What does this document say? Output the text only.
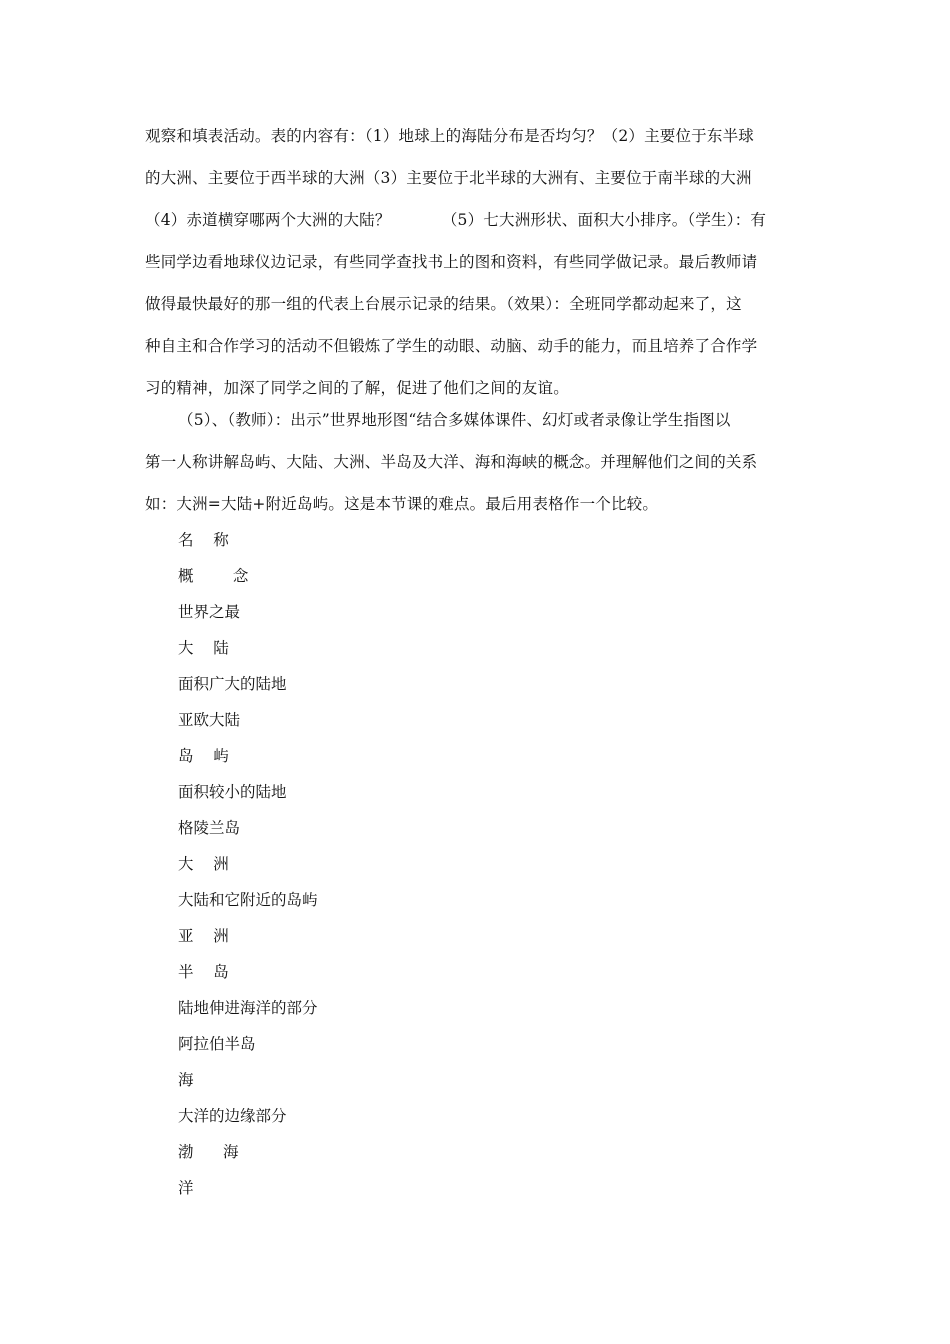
观察和填表活动。表的内容有：（1）地球上的海陆分布是否均匀？（2）主要位于东半球
的大洲、主要位于西半球的大洲（3）主要位于北半球的大洲有、主要位于南半球的大洲
（4）赤道横穿哪两个大洲的大陆？          （5）七大洲形状、面积大小排序。（学生）：有
些同学边看地球仪边记录，有些同学查找书上的图和资料，有些同学做记录。最后教师请
做得最快最好的那一组的代表上台展示记录的结果。（效果）：全班同学都动起来了，这
种自主和合作学习的活动不但锻炼了学生的动眼、动脑、动手的能力，而且培养了合作学
习的精神，加深了同学之间的了解，促进了他们之间的友谊。
（5）、（教师）：出示”世界地形图“结合多媒体课件、幻灯或者录像让学生指图以
第一人称讲解岛屿、大陆、大洲、半岛及大洋、海和海峡的概念。并理解他们之间的关系
如：大洲=大陆+附近岛屿。这是本节课的难点。最后用表格作一个比较。
名    称
概        念
世界之最
大    陆
面积广大的陆地
亚欧大陆
岛    屿
面积较小的陆地
格陵兰岛
大    洲
大陆和它附近的岛屿
亚    洲
半    岛
陆地伸进海洋的部分
阿拉伯半岛
海
大洋的边缘部分
渤      海
洋
